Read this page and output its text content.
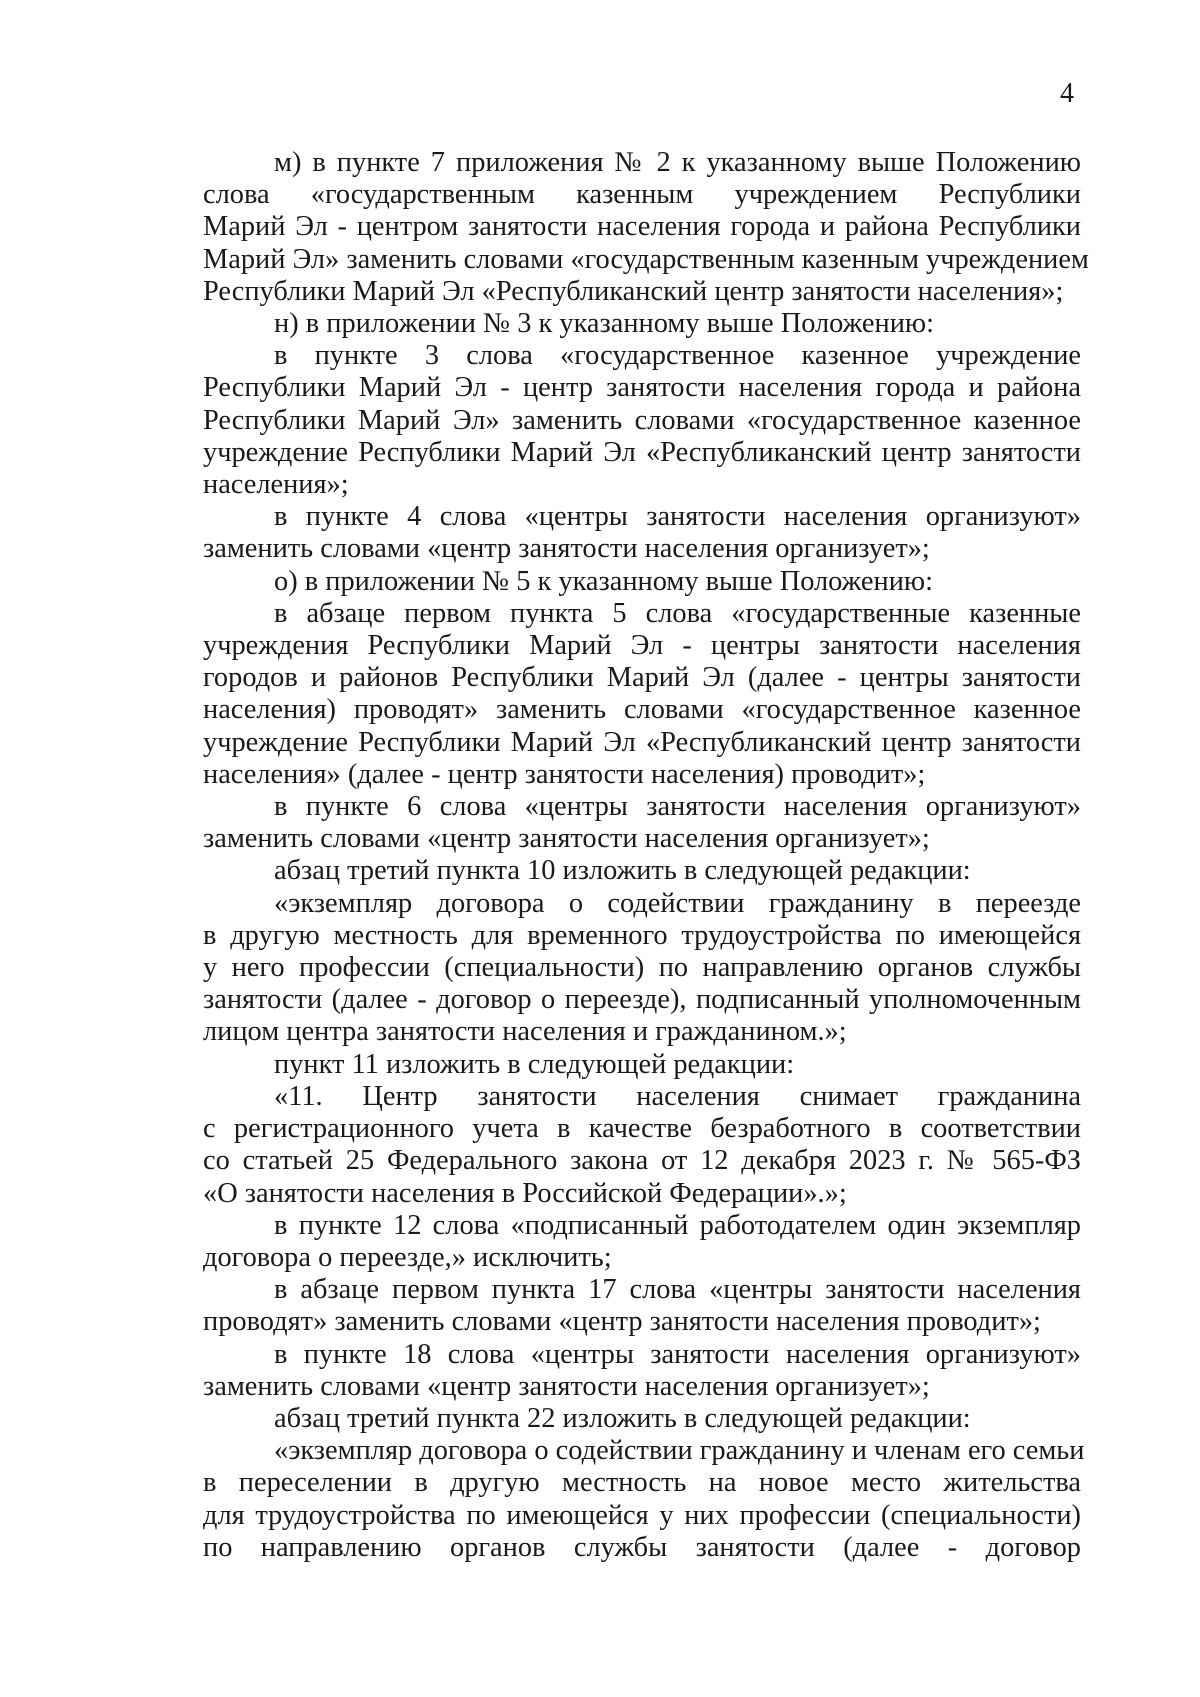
4
м) в пункте 7 приложения № 2 к указанному выше Положению
слова «государственным казенным учреждением Республики
Марий Эл - центром занятости населения города и района Республики
Марий Эл» заменить словами «государственным казенным учреждением
Республики Марий Эл «Республиканский центр занятости населения»;
н) в приложении № 3 к указанному выше Положению:
в пункте 3 слова «государственное казенное учреждение
Республики Марий Эл - центр занятости населения города и района
Республики Марий Эл» заменить словами «государственное казенное
учреждение Республики Марий Эл «Республиканский центр занятости
населения»;
в пункте 4 слова «центры занятости населения организуют»
заменить словами «центр занятости населения организует»;
о) в приложении № 5 к указанному выше Положению:
в абзаце первом пункта 5 слова «государственные казенные
учреждения Республики Марий Эл - центры занятости населения
городов и районов Республики Марий Эл (далее - центры занятости
населения) проводят» заменить словами «государственное казенное
учреждение Республики Марий Эл «Республиканский центр занятости
населения» (далее - центр занятости населения) проводит»;
в пункте 6 слова «центры занятости населения организуют»
заменить словами «центр занятости населения организует»;
абзац третий пункта 10 изложить в следующей редакции:
«экземпляр договора о содействии гражданину в переезде
в другую местность для временного трудоустройства по имеющейся
у него профессии (специальности) по направлению органов службы
занятости (далее - договор о переезде), подписанный уполномоченным
лицом центра занятости населения и гражданином.»;
пункт 11 изложить в следующей редакции:
«11. Центр занятости населения снимает гражданина
с регистрационного учета в качестве безработного в соответствии
со статьей 25 Федерального закона от 12 декабря 2023 г. № 565-ФЗ
«О занятости населения в Российской Федерации».»;
в пункте 12 слова «подписанный работодателем один экземпляр
договора о переезде,» исключить;
в абзаце первом пункта 17 слова «центры занятости населения
проводят» заменить словами «центр занятости населения проводит»;
в пункте 18 слова «центры занятости населения организуют»
заменить словами «центр занятости населения организует»;
абзац третий пункта 22 изложить в следующей редакции:
«экземпляр договора о содействии гражданину и членам его семьи
в переселении в другую местность на новое место жительства
для трудоустройства по имеющейся у них профессии (специальности)
по направлению органов службы занятости (далее - договор
